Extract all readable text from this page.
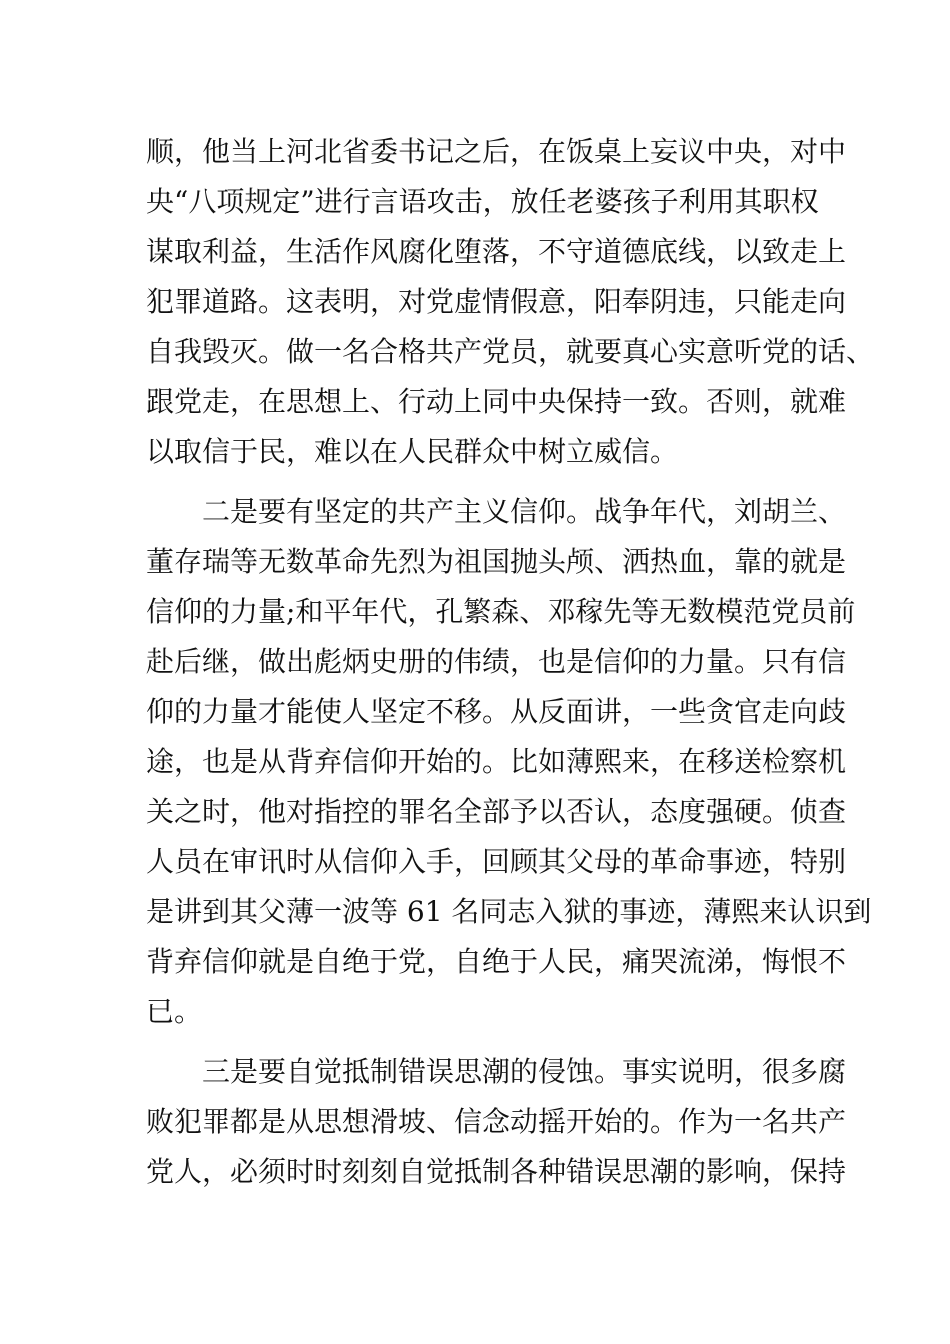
顺，他当上河北省委书记之后，在饭桌上妄议中央，对中
央“八项规定”进行言语攻击，放任老婆孩子利用其职权
谋取利益，生活作风腐化堕落，不守道德底线，以致走上
犯罪道路。这表明，对党虚情假意，阳奉阴违，只能走向
自我毁灭。做一名合格共产党员，就要真心实意听党的话、
跟党走，在思想上、行动上同中央保持一致。否则，就难
以取信于民，难以在人民群众中树立威信。
二是要有坚定的共产主义信仰。战争年代，刘胡兰、
董存瑞等无数革命先烈为祖国抛头颅、洒热血，靠的就是
信仰的力量;和平年代，孔繁森、邓稼先等无数模范党员前
赴后继，做出彪炳史册的伟绩，也是信仰的力量。只有信
仰的力量才能使人坚定不移。从反面讲，一些贪官走向歧
途，也是从背弃信仰开始的。比如薄熙来，在移送检察机
关之时，他对指控的罪名全部予以否认，态度强硬。侦查
人员在审讯时从信仰入手，回顾其父母的革命事迹，特别
是讲到其父薄一波等 61 名同志入狱的事迹，薄熙来认识到
背弃信仰就是自绝于党，自绝于人民，痛哭流涕，悔恨不
已。
三是要自觉抵制错误思潮的侵蚀。事实说明，很多腐
败犯罪都是从思想滑坡、信念动摇开始的。作为一名共产
党人，必须时时刻刻自觉抵制各种错误思潮的影响，保持
